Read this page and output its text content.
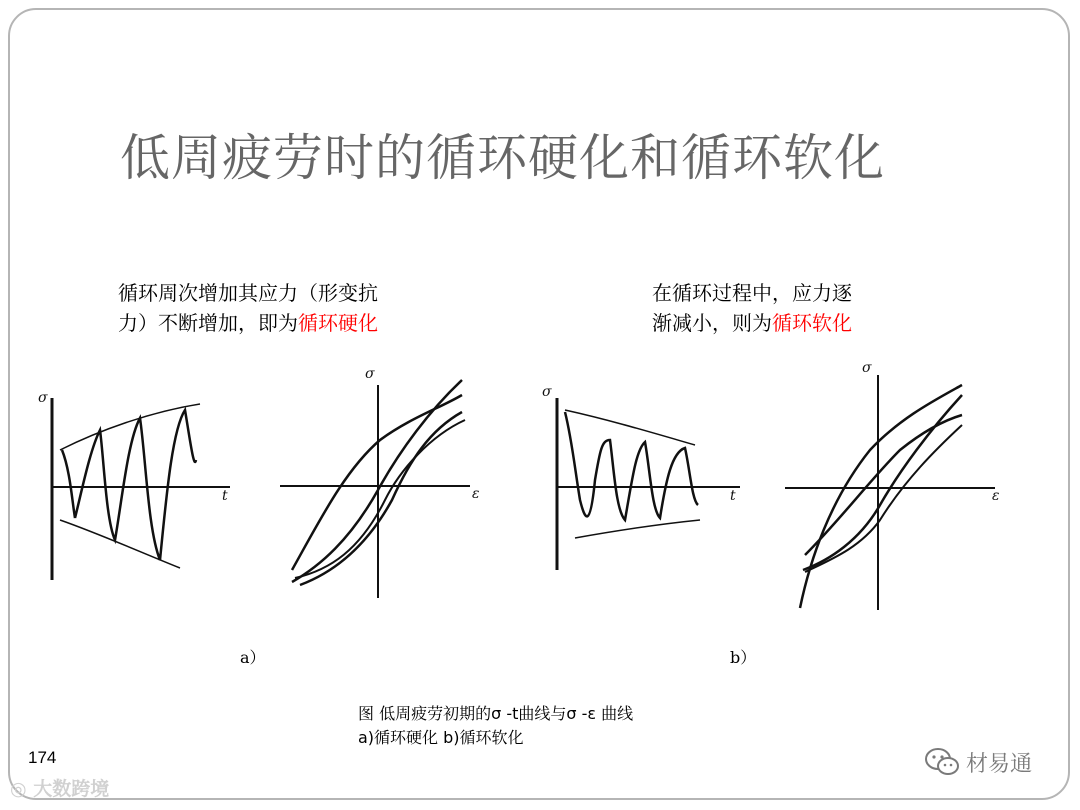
低周疲劳时的循环硬化和循环软化
循环周次增加其应力（形变抗
力）不断增加，即为循环硬化
在循环过程中，应力逐
渐减小，则为循环软化
σ
t
σ
ε
σ
t
σ
ε
a）	b）
图 低周疲劳初期的σ -t曲线与σ -ε 曲线
a)循环硬化 b)循环软化
174
◎ 大数跨境
材易通
